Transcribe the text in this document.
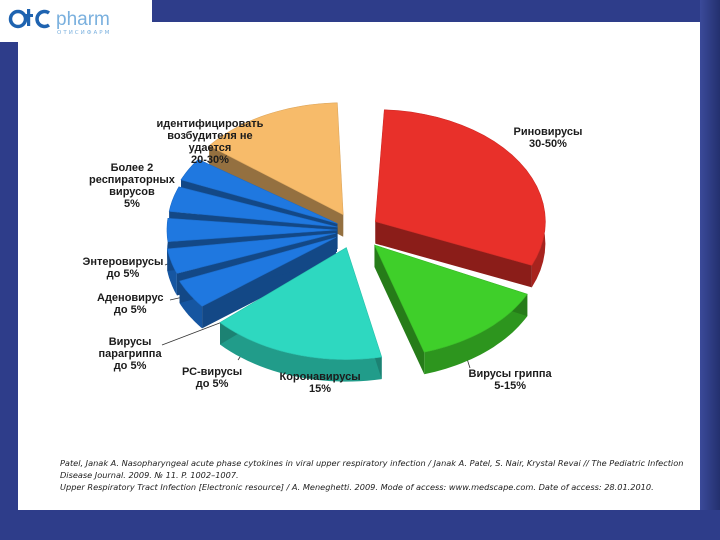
pharm
ОТИСИФАРМ
Риновирусы
30-50%
Вирусы гриппа
5-15%
Коронавирусы
15%
РС-вирусы
до 5%
Вирусы
парагриппа
до 5%
Аденовирус
до 5%
Энтеровирусы
до 5%
Более 2
респираторных
вирусов
5%
идентифицировать
возбудителя не
удается
20-30%
Patel, Janak A. Nasopharyngeal acute phase cytokines in viral upper respiratory infection / Janak A. Patel, S. Nair, Krystal Revai // The Pediatric Infection
Disease Journal. 2009. № 11. P. 1002–1007.
Upper Respiratory Tract Infection [Electronic resource] / A. Meneghetti. 2009. Mode of access: www.medscape.com. Date of access: 28.01.2010.
